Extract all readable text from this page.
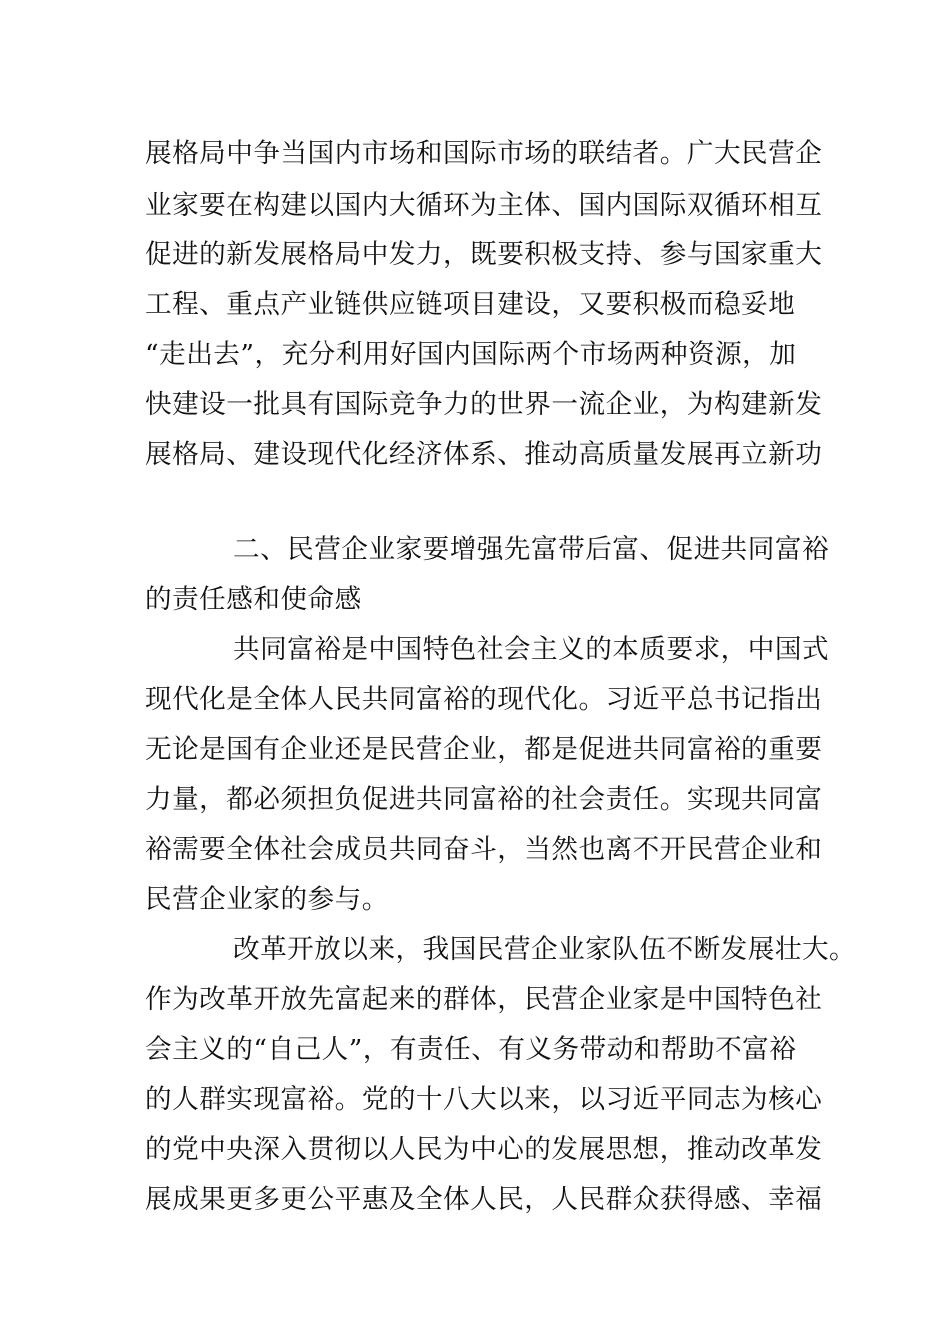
展格局中争当国内市场和国际市场的联结者。广大民营企
业家要在构建以国内大循环为主体、国内国际双循环相互
促进的新发展格局中发力，既要积极支持、参与国家重大
工程、重点产业链供应链项目建设，又要积极而稳妥地
“走出去”，充分利用好国内国际两个市场两种资源，加
快建设一批具有国际竞争力的世界一流企业，为构建新发
展格局、建设现代化经济体系、推动高质量发展再立新功
二、民营企业家要增强先富带后富、促进共同富裕
的责任感和使命感
共同富裕是中国特色社会主义的本质要求，中国式
现代化是全体人民共同富裕的现代化。习近平总书记指出
无论是国有企业还是民营企业，都是促进共同富裕的重要
力量，都必须担负促进共同富裕的社会责任。实现共同富
裕需要全体社会成员共同奋斗，当然也离不开民营企业和
民营企业家的参与。
改革开放以来，我国民营企业家队伍不断发展壮大。
作为改革开放先富起来的群体，民营企业家是中国特色社
会主义的“自己人”，有责任、有义务带动和帮助不富裕
的人群实现富裕。党的十八大以来，以习近平同志为核心
的党中央深入贯彻以人民为中心的发展思想，推动改革发
展成果更多更公平惠及全体人民，人民群众获得感、幸福
